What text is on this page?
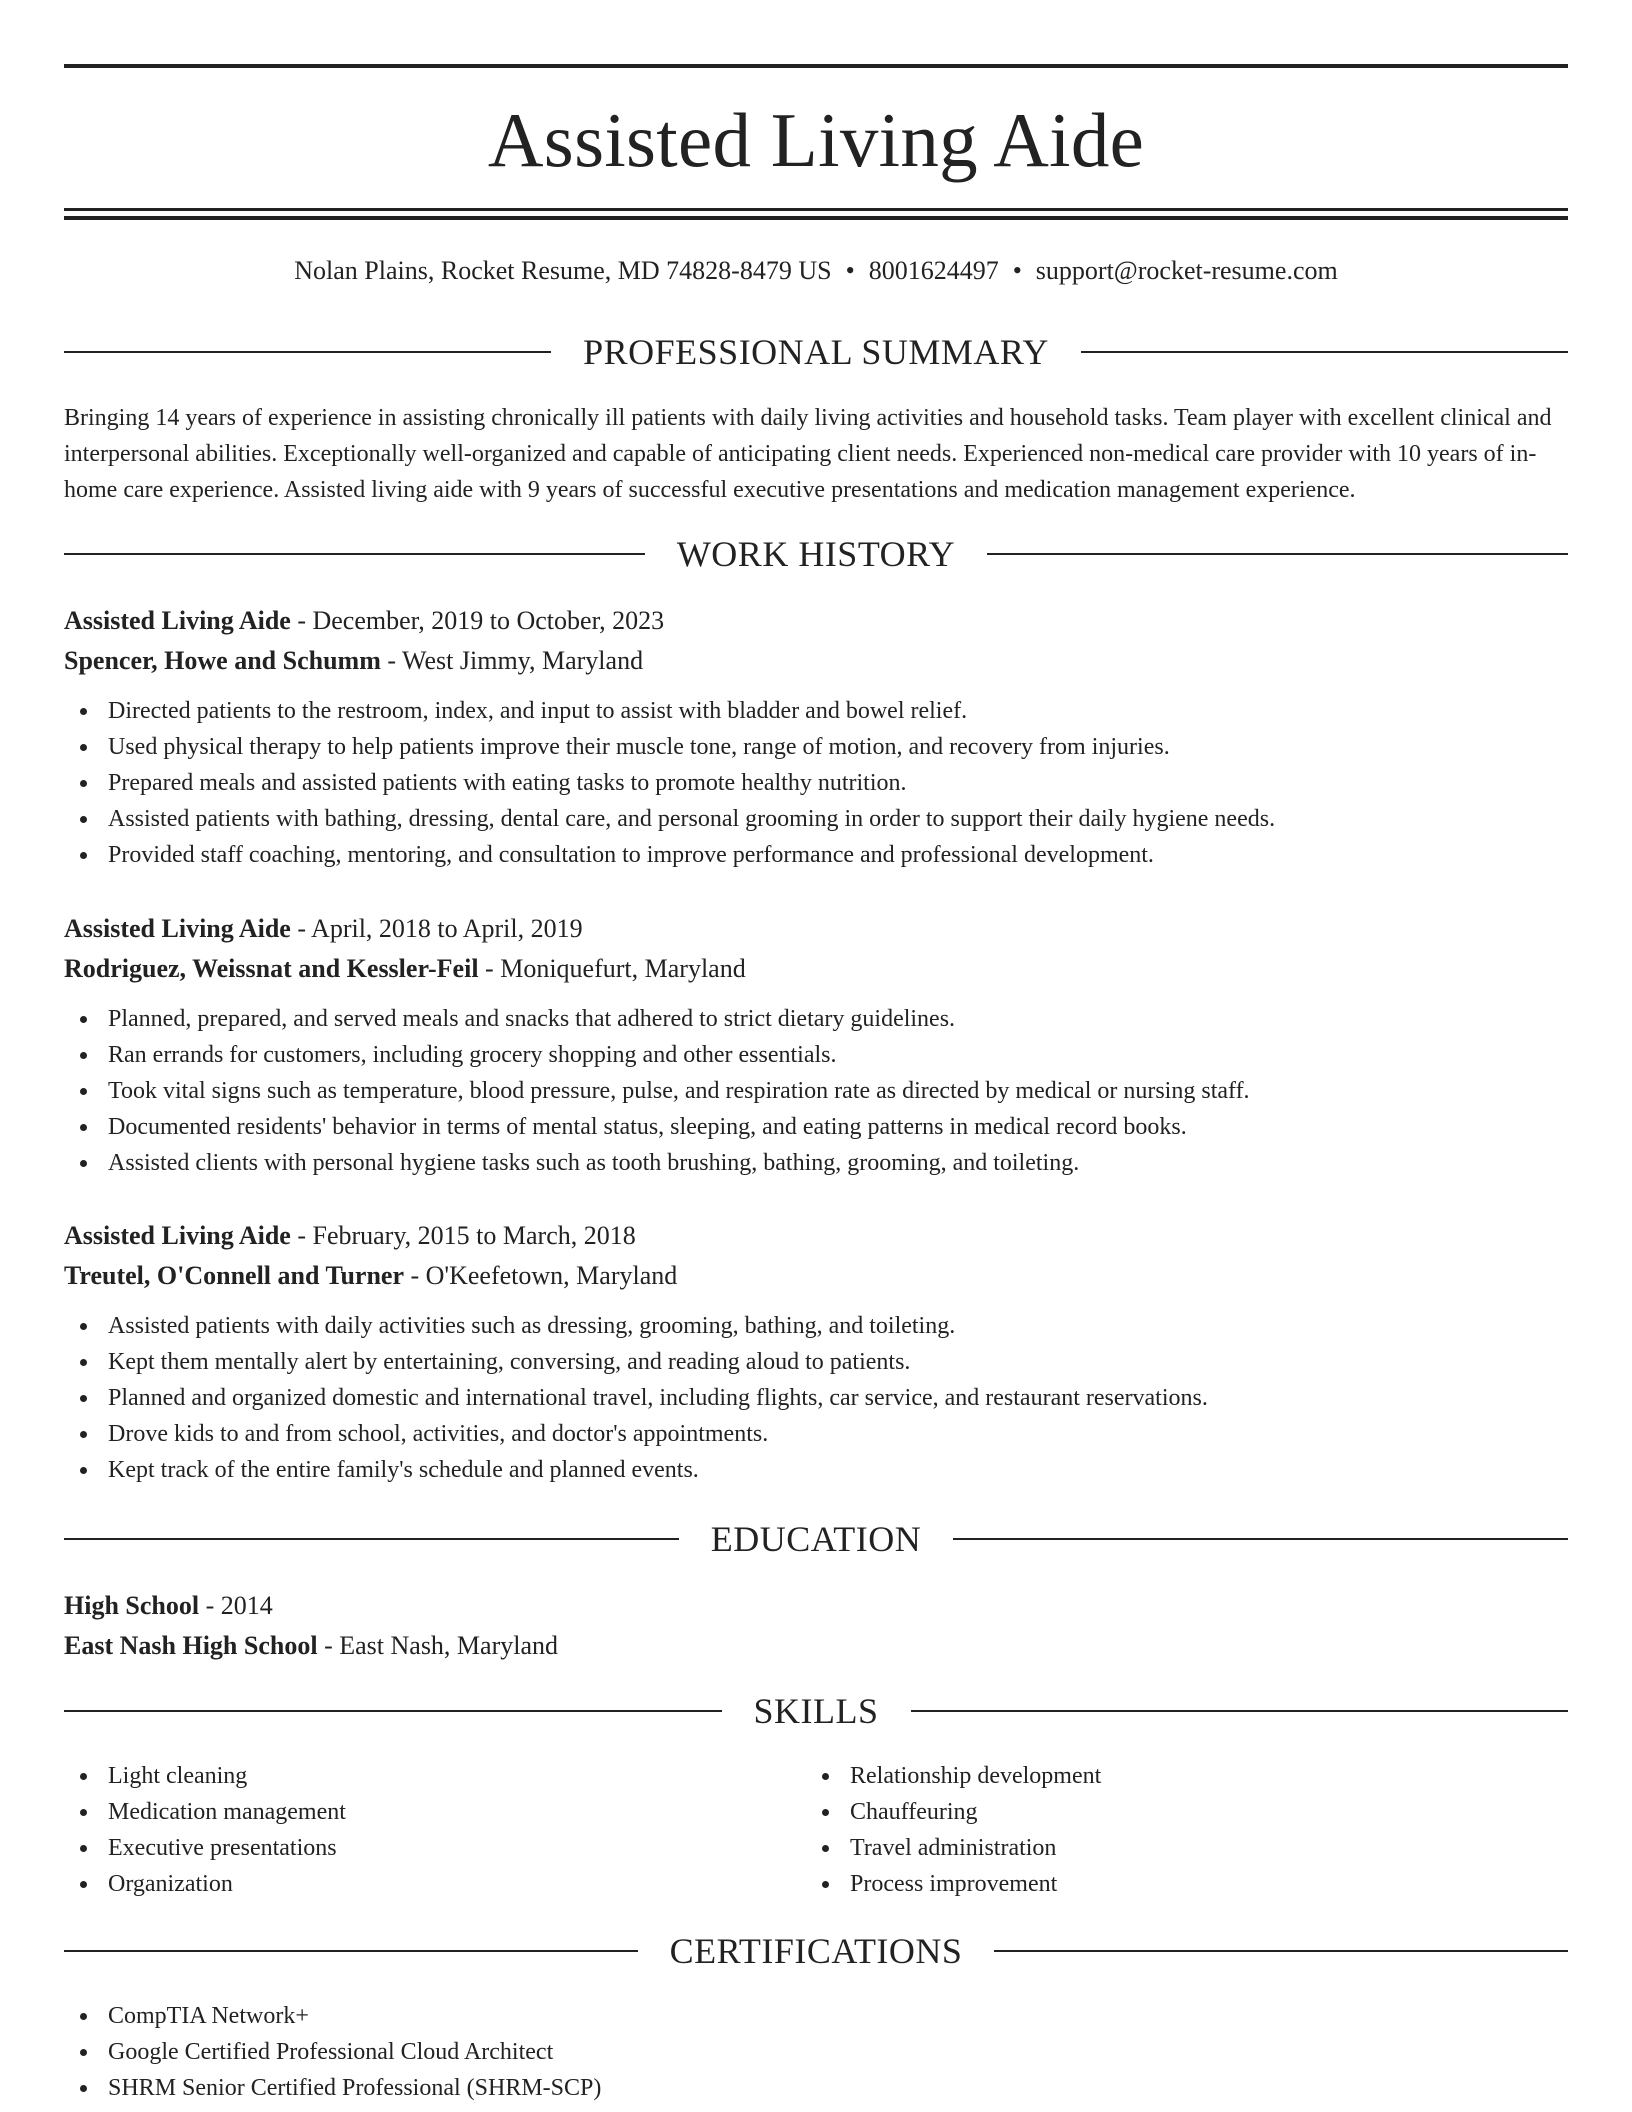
Assisted Living Aide
Nolan Plains, Rocket Resume, MD 74828-8479 US • 8001624497 • support@rocket-resume.com
PROFESSIONAL SUMMARY

Bringing 14 years of experience in assisting chronically ill patients with daily living activities and household tasks. Team player with excellent clinical and interpersonal abilities. Exceptionally well-organized and capable of anticipating client needs. Experienced non-medical care provider with 10 years of in-home care experience. Assisted living aide with 9 years of successful executive presentations and medication management experience.

WORK HISTORY
Assisted Living Aide - December, 2019 to October, 2023
Spencer, Howe and Schumm - West Jimmy, Maryland
Directed patients to the restroom, index, and input to assist with bladder and bowel relief.
Used physical therapy to help patients improve their muscle tone, range of motion, and recovery from injuries.
Prepared meals and assisted patients with eating tasks to promote healthy nutrition.
Assisted patients with bathing, dressing, dental care, and personal grooming in order to support their daily hygiene needs.
Provided staff coaching, mentoring, and consultation to improve performance and professional development.
Assisted Living Aide - April, 2018 to April, 2019
Rodriguez, Weissnat and Kessler-Feil - Moniquefurt, Maryland
Planned, prepared, and served meals and snacks that adhered to strict dietary guidelines.
Ran errands for customers, including grocery shopping and other essentials.
Took vital signs such as temperature, blood pressure, pulse, and respiration rate as directed by medical or nursing staff.
Documented residents' behavior in terms of mental status, sleeping, and eating patterns in medical record books.
Assisted clients with personal hygiene tasks such as tooth brushing, bathing, grooming, and toileting.
Assisted Living Aide - February, 2015 to March, 2018
Treutel, O'Connell and Turner - O'Keefetown, Maryland
Assisted patients with daily activities such as dressing, grooming, bathing, and toileting.
Kept them mentally alert by entertaining, conversing, and reading aloud to patients.
Planned and organized domestic and international travel, including flights, car service, and restaurant reservations.
Drove kids to and from school, activities, and doctor's appointments.
Kept track of the entire family's schedule and planned events.
EDUCATION
High School - 2014
East Nash High School - East Nash, Maryland
SKILLS
Light cleaning
Medication management
Executive presentations
Organization
Relationship development
Chauffeuring
Travel administration
Process improvement
CERTIFICATIONS
CompTIA Network+
Google Certified Professional Cloud Architect
SHRM Senior Certified Professional (SHRM-SCP)
